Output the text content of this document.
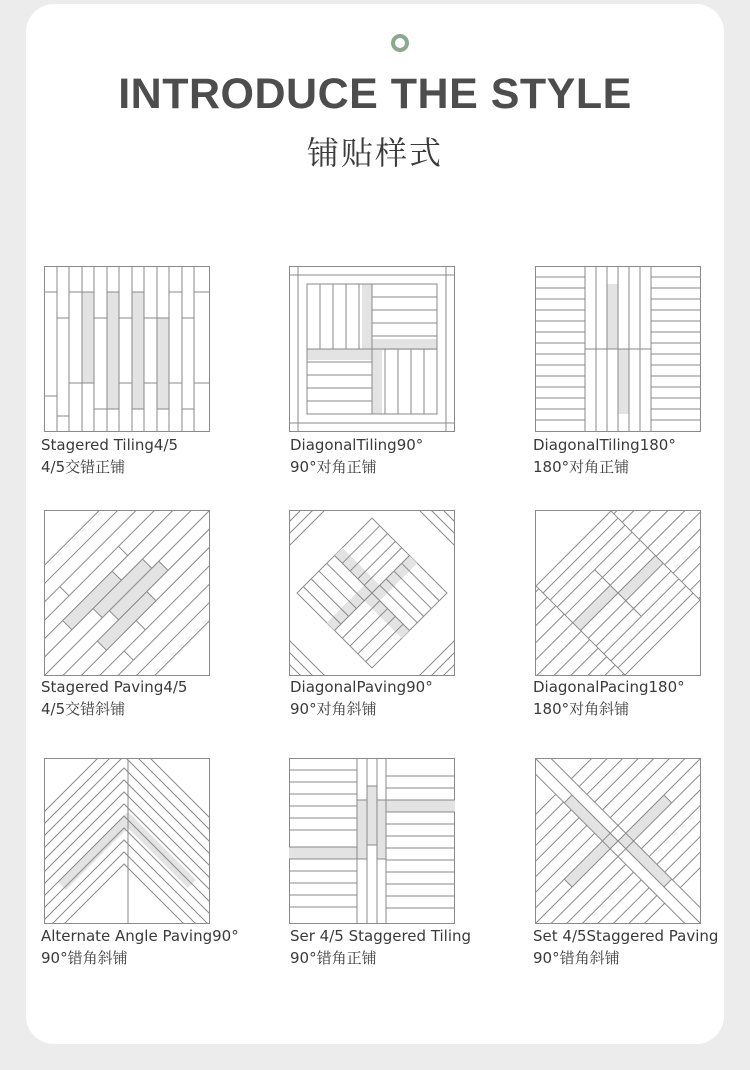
INTRODUCE THE STYLE
铺贴样式
Stagered Tiling4/5
4/5交错正铺
DiagonalTiling90°
90°对角正铺
DiagonalTiling180°
180°对角正铺
Stagered Paving4/5
4/5交错斜铺
DiagonalPaving90°
90°对角斜铺
DiagonalPacing180°
180°对角斜铺
Alternate Angle Paving90°
90°错角斜铺
Ser 4/5 Staggered Tiling
90°错角正铺
Set 4/5Staggered Paving
90°错角斜铺
